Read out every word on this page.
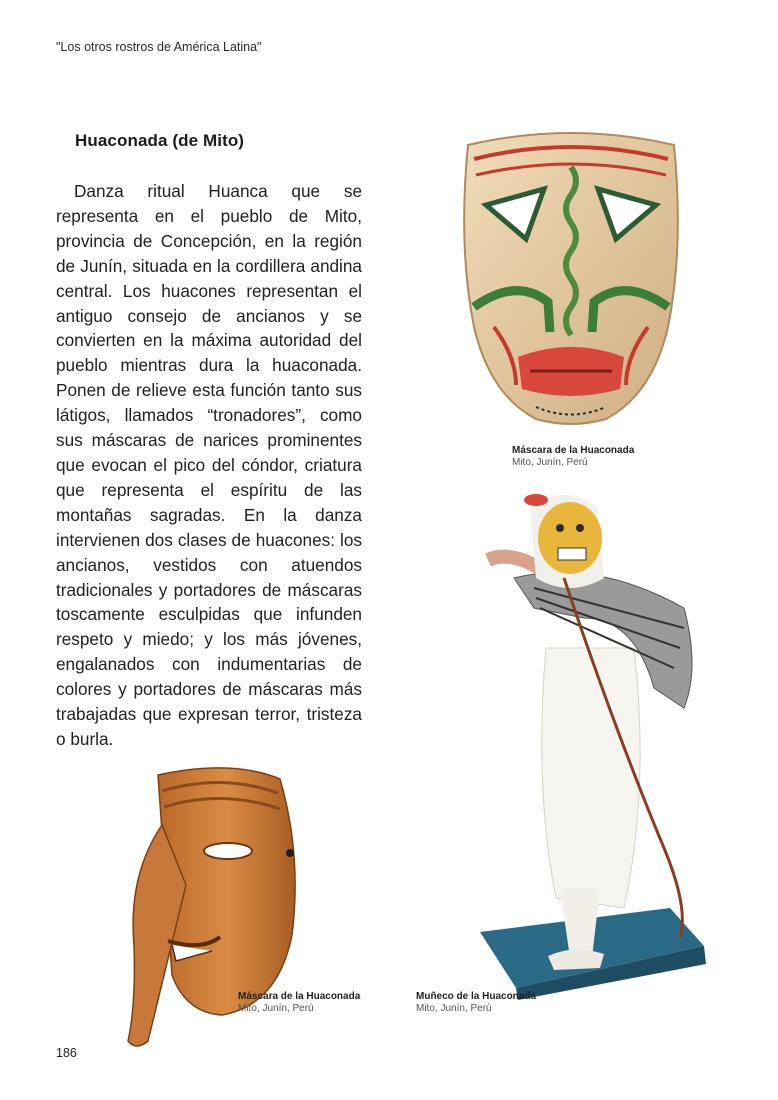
"Los otros rostros de América Latina"
Huaconada (de Mito)

Danza ritual Huanca que se representa en el pueblo de Mito, provincia de Concepción, en la región de Junín, situada en la cordillera andina central. Los huacones representan el antiguo consejo de ancianos y se convierten en la máxima autoridad del pueblo mientras dura la huaconada. Ponen de relieve esta función tanto sus látigos, llamados “tronadores”, como sus máscaras de narices prominentes que evocan el pico del cóndor, criatura que representa el espíritu de las montañas sagradas. En la danza intervienen dos clases de huacones: los ancianos, vestidos con atuendos tradicionales y portadores de máscaras toscamente esculpidas que infunden respeto y miedo; y los más jóvenes, engalanados con indumentarias de colores y portadores de máscaras más trabajadas que expresan terror, tristeza o burla.

Máscara de la Huaconada
Mito, Junín, Perú
Muñeco de la Huaconada
Mito, Junín, Perú
Máscara de la Huaconada
Mito, Junín, Perú
186
